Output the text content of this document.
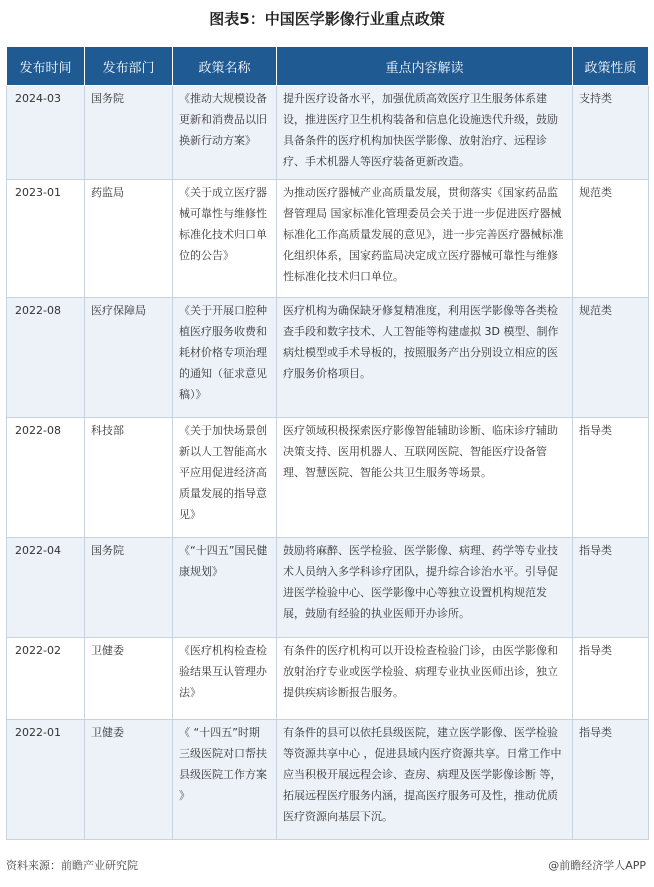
图表5：中国医学影像行业重点政策
发布时间	发布部门	政策名称	重点内容解读	政策性质
2024-03	国务院	《推动大规模设备更新和消费品以旧换新行动方案》	提升医疗设备水平，加强优质高效医疗卫生服务体系建设，推进医疗卫生机构装备和信息化设施迭代升级，鼓励具备条件的医疗机构加快医学影像、放射治疗、远程诊疗、手术机器人等医疗装备更新改造。	支持类
2023-01	药监局	《关于成立医疗器械可靠性与维修性标准化技术归口单位的公告》	为推动医疗器械产业高质量发展，贯彻落实《国家药品监督管理局 国家标准化管理委员会关于进一步促进医疗器械标准化工作高质量发展的意见》，进一步完善医疗器械标准化组织体系，国家药监局决定成立医疗器械可靠性与维修性标准化技术归口单位。	规范类
2022-08	医疗保障局	《关于开展口腔种植医疗服务收费和耗材价格专项治理的通知（征求意见稿）》	医疗机构为确保缺牙修复精准度，利用医学影像等各类检查手段和数字技术、人工智能等构建虚拟 3D 模型、制作病灶模型或手术导板的，按照服务产出分别设立相应的医疗服务价格项目。	规范类
2022-08	科技部	《关于加快场景创新以人工智能高水平应用促进经济高质量发展的指导意见》	医疗领域积极探索医疗影像智能辅助诊断、临床诊疗辅助决策支持、医用机器人、互联网医院、智能医疗设备管理、智慧医院、智能公共卫生服务等场景。	指导类
2022-04	国务院	《“十四五”国民健康规划》	鼓励将麻醉、医学检验、医学影像、病理、药学等专业技术人员纳入多学科诊疗团队，提升综合诊治水平。引导促进医学检验中心、医学影像中心等独立设置机构规范发展，鼓励有经验的执业医师开办诊所。	指导类
2022-02	卫健委	《医疗机构检查检验结果互认管理办法》	有条件的医疗机构可以开设检查检验门诊，由医学影像和放射治疗专业或医学检验、病理专业执业医师出诊，独立提供疾病诊断报告服务。	指导类
2022-01	卫健委	《 “十四五”时期三级医院对口帮扶县级医院工作方案 》	有条件的县可以依托县级医院，建立医学影像、医学检验等资源共享中心 ，促进县域内医疗资源共享。日常工作中应当积极开展远程会诊、查房、病理及医学影像诊断 等，拓展远程医疗服务内涵，提高医疗服务可及性，推动优质医疗资源向基层下沉。	指导类
资料来源：前瞻产业研究院	@前瞻经济学人APP
